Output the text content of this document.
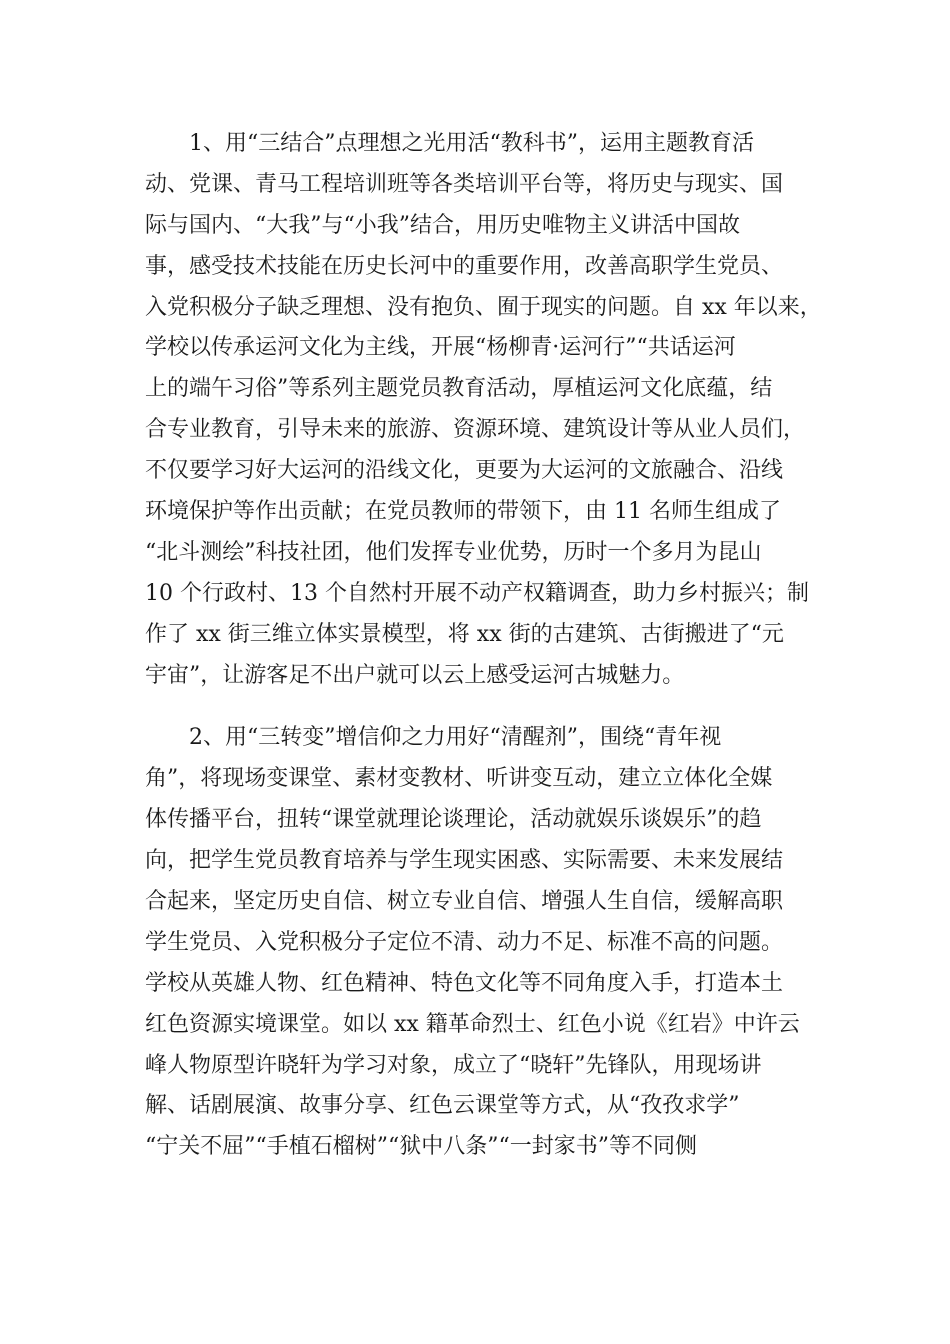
1、用“三结合”点理想之光用活“教科书”，运用主题教育活
动、党课、青马工程培训班等各类培训平台等，将历史与现实、国
际与国内、“大我”与“小我”结合，用历史唯物主义讲活中国故
事，感受技术技能在历史长河中的重要作用，改善高职学生党员、
入党积极分子缺乏理想、没有抱负、囿于现实的问题。自 xx 年以来，
学校以传承运河文化为主线，开展“杨柳青·运河行”“共话运河
上的端午习俗”等系列主题党员教育活动，厚植运河文化底蕴，结
合专业教育，引导未来的旅游、资源环境、建筑设计等从业人员们，
不仅要学习好大运河的沿线文化，更要为大运河的文旅融合、沿线
环境保护等作出贡献；在党员教师的带领下，由 11 名师生组成了
“北斗测绘”科技社团，他们发挥专业优势，历时一个多月为昆山
10 个行政村、13 个自然村开展不动产权籍调查，助力乡村振兴；制
作了 xx 街三维立体实景模型，将 xx 街的古建筑、古街搬进了“元
宇宙”，让游客足不出户就可以云上感受运河古城魅力。
2、用“三转变”增信仰之力用好“清醒剂”，围绕“青年视
角”，将现场变课堂、素材变教材、听讲变互动，建立立体化全媒
体传播平台，扭转“课堂就理论谈理论，活动就娱乐谈娱乐”的趋
向，把学生党员教育培养与学生现实困惑、实际需要、未来发展结
合起来，坚定历史自信、树立专业自信、增强人生自信，缓解高职
学生党员、入党积极分子定位不清、动力不足、标准不高的问题。
学校从英雄人物、红色精神、特色文化等不同角度入手，打造本土
红色资源实境课堂。如以 xx 籍革命烈士、红色小说《红岩》中许云
峰人物原型许晓轩为学习对象，成立了“晓轩”先锋队，用现场讲
解、话剧展演、故事分享、红色云课堂等方式，从“孜孜求学”
“宁关不屈”“手植石榴树”“狱中八条”“一封家书”等不同侧
